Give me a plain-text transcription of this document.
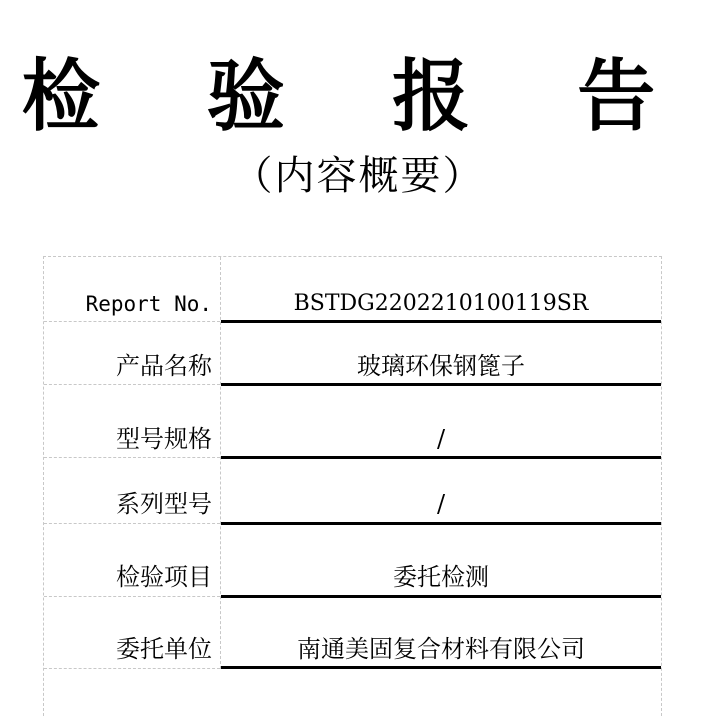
检 验 报 告
（内容概要）
Report No.	BSTDG2202210100119SR
产品名称	玻璃环保钢篦子
型号规格	/
系列型号	/
检验项目	委托检测
委托单位	南通美固复合材料有限公司
